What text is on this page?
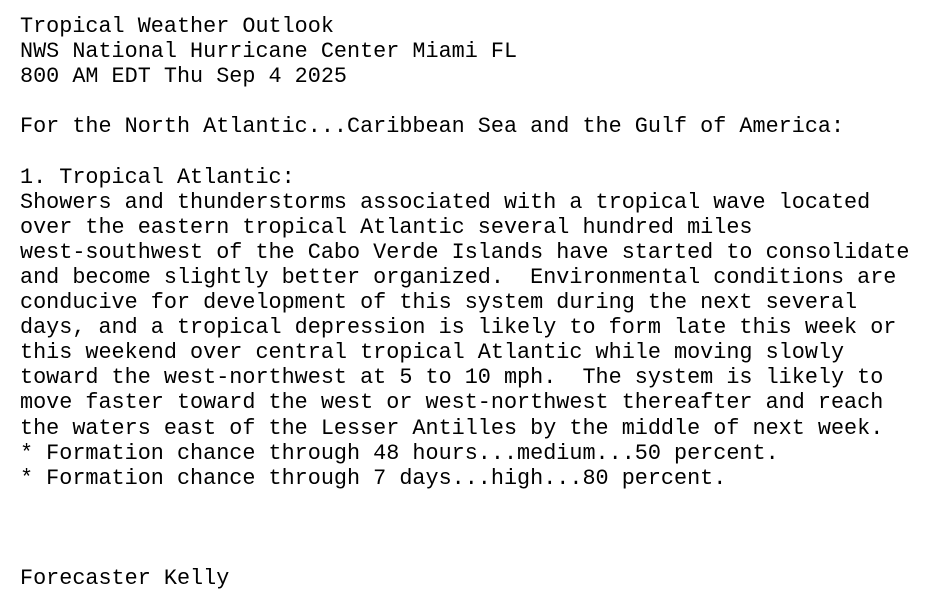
Tropical Weather Outlook
NWS National Hurricane Center Miami FL
800 AM EDT Thu Sep 4 2025
For the North Atlantic...Caribbean Sea and the Gulf of America:
1. Tropical Atlantic:
Showers and thunderstorms associated with a tropical wave located
over the eastern tropical Atlantic several hundred miles
west-southwest of the Cabo Verde Islands have started to consolidate
and become slightly better organized.  Environmental conditions are
conducive for development of this system during the next several
days, and a tropical depression is likely to form late this week or
this weekend over central tropical Atlantic while moving slowly
toward the west-northwest at 5 to 10 mph.  The system is likely to
move faster toward the west or west-northwest thereafter and reach
the waters east of the Lesser Antilles by the middle of next week.
* Formation chance through 48 hours...medium...50 percent.
* Formation chance through 7 days...high...80 percent.
Forecaster Kelly
